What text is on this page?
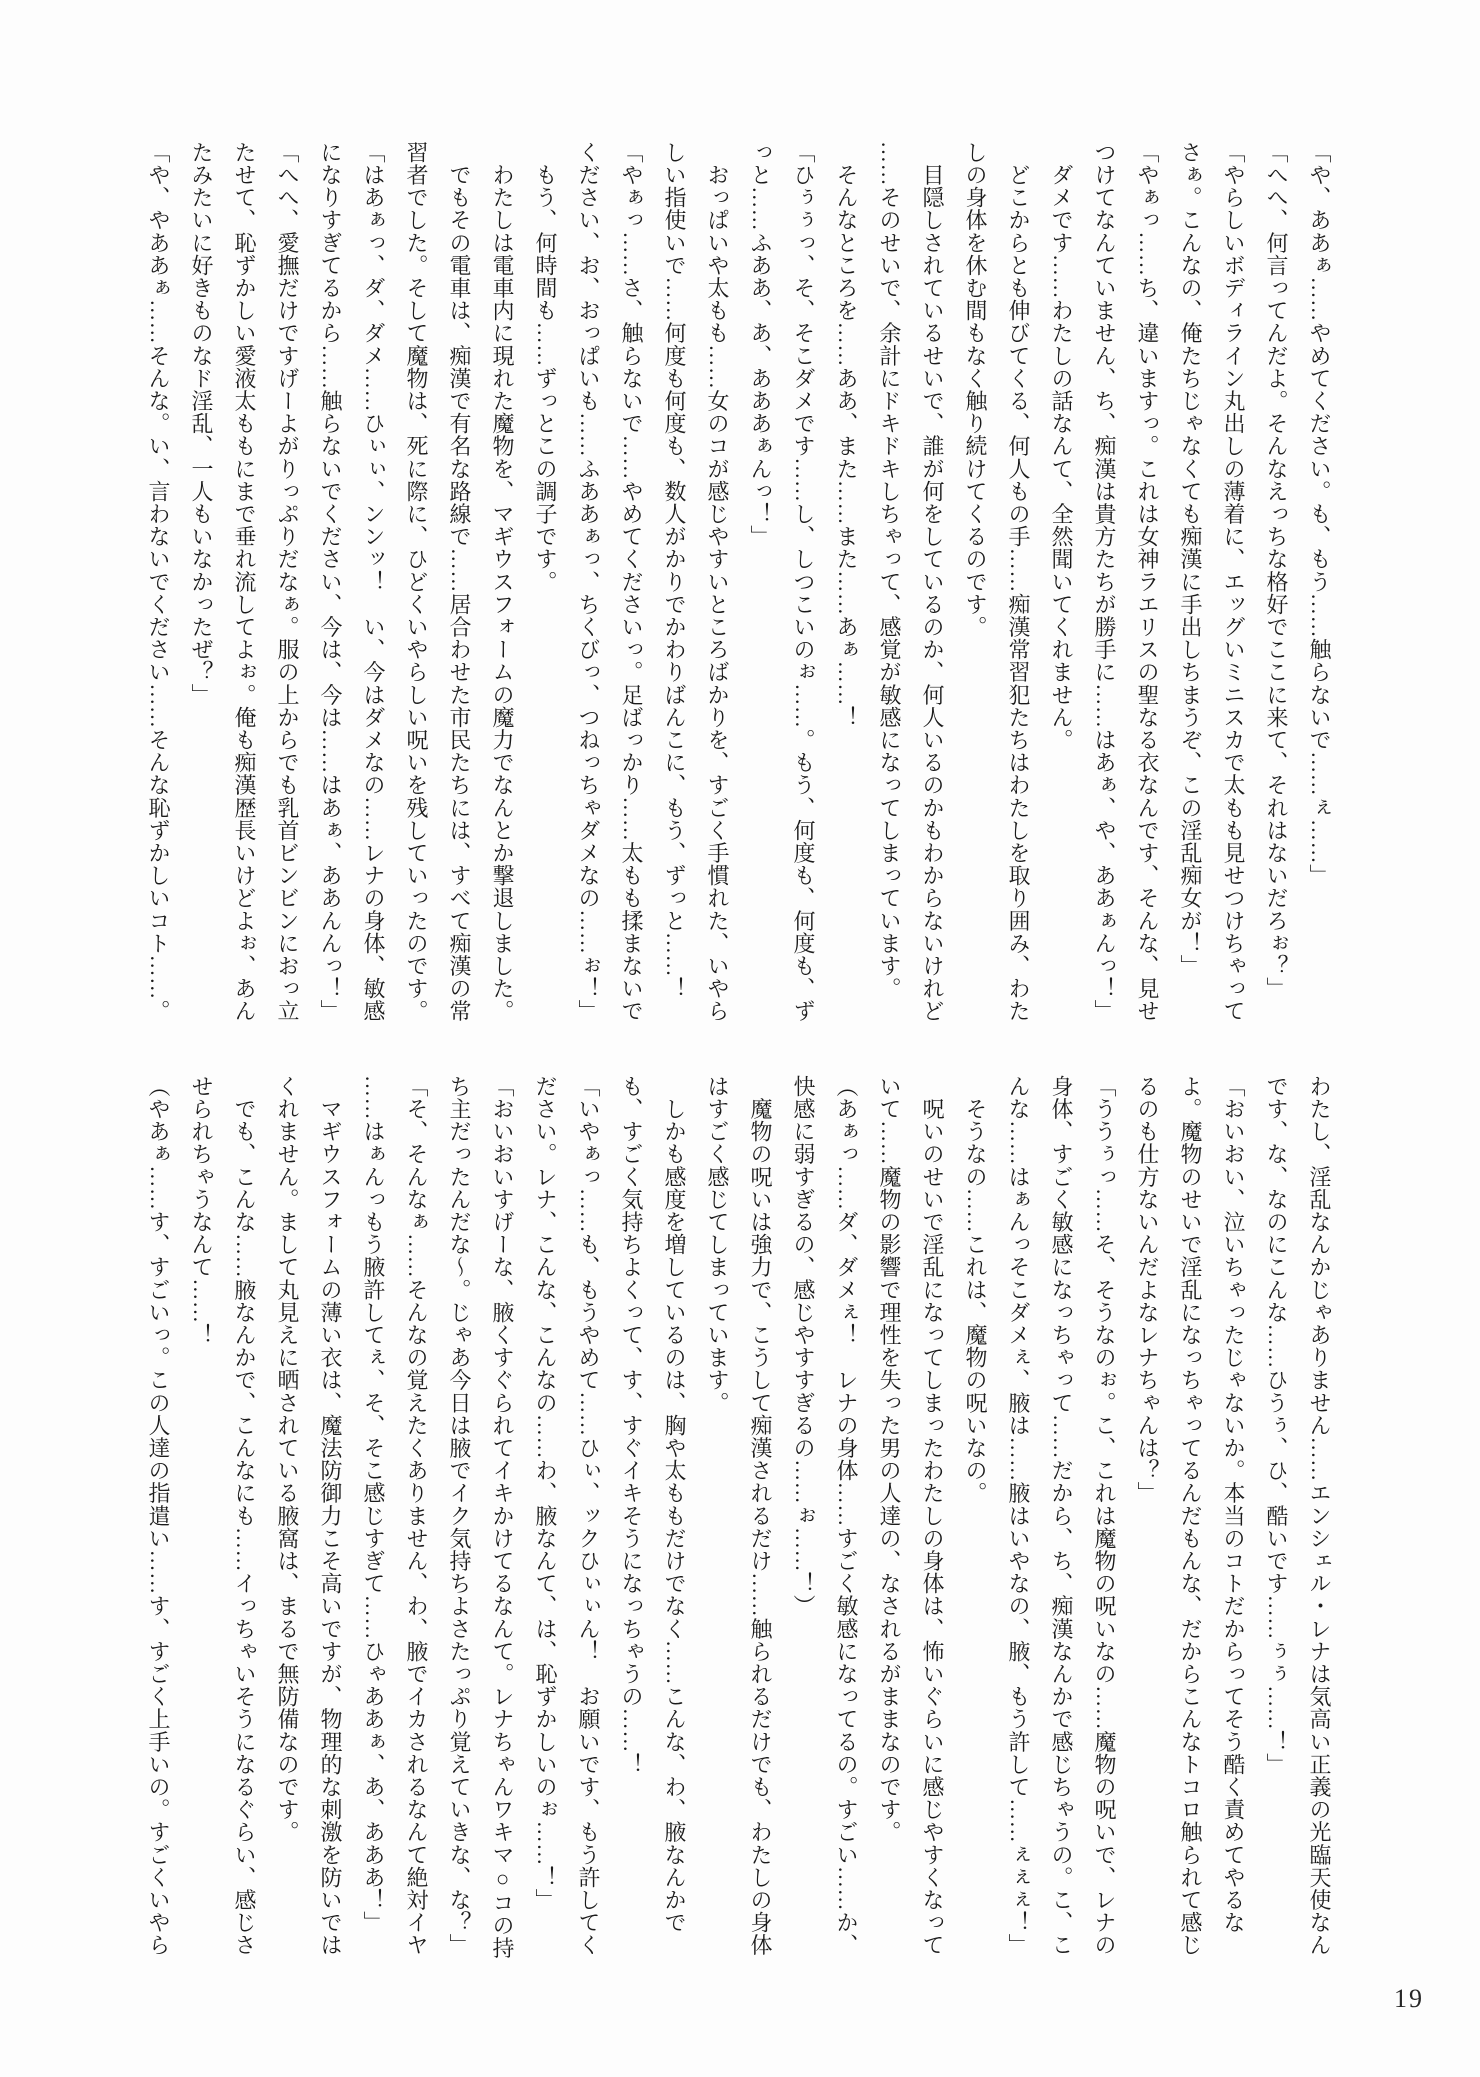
「や、ああぁ……やめてください。も、もう……触らないで……ぇ……」
「へへ、何言ってんだよ。そんなえっちな格好でここに来て、それはないだろぉ？」
「やらしいボディライン丸出しの薄着に、エッグいミニスカで太もも見せつけちゃって
さぁ。こんなの、俺たちじゃなくても痴漢に手出しちまうぞ、この淫乱痴女が！」
「やぁっ……ち、違いますっ。これは女神ラエリスの聖なる衣なんです、そんな、見せ
つけてなんていません、ち、痴漢は貴方たちが勝手に……はあぁ、や、ああぁんっ！」
　ダメです……わたしの話なんて、全然聞いてくれません。
　どこからとも伸びてくる、何人もの手……痴漢常習犯たちはわたしを取り囲み、わた
しの身体を休む間もなく触り続けてくるのです。
　目隠しされているせいで、誰が何をしているのか、何人いるのかもわからないけれど
……そのせいで、余計にドキドキしちゃって、感覚が敏感になってしまっています。
　そんなところを……ああ、また……また……あぁ……！
「ひぅぅっ、そ、そこダメです……し、しつこいのぉ……。もう、何度も、何度も、ず
っと……ふああ、あ、あああぁんっ！」
　おっぱいや太もも……女のコが感じやすいところばかりを、すごく手慣れた、いやら
しい指使いで……何度も何度も、数人がかりでかわりばんこに、もう、ずっと……！
「やぁっ……さ、触らないで……やめてくださいっ。足ばっかり……太もも揉まないで
ください、お、おっぱいも……ふああぁっ、ちくびっ、つねっちゃダメなの……ぉ！」
　もう、何時間も……ずっとこの調子です。
　わたしは電車内に現れた魔物を、マギウスフォームの魔力でなんとか撃退しました。
　でもその電車は、痴漢で有名な路線で……居合わせた市民たちには、すべて痴漢の常
習者でした。そして魔物は、死に際に、ひどくいやらしい呪いを残していったのです。
「はあぁっ、ダ、ダメ……ひぃぃ、ンンッ！　い、今はダメなの……レナの身体、敏感
になりすぎてるから……触らないでください、今は、今は……はあぁ、ああんんっ！」
「へへ、愛撫だけですげーよがりっぷりだなぁ。服の上からでも乳首ビンビンにおっ立
たせて、恥ずかしい愛液太ももにまで垂れ流してよぉ。俺も痴漢歴長いけどよぉ、あん
たみたいに好きものなド淫乱、一人もいなかったぜ？」
「や、やああぁ……そんな。い、言わないでください……そんな恥ずかしいコト……。
わたし、淫乱なんかじゃありません……エンシェル・レナは気高い正義の光臨天使なん
です、な、なのにこんな……ひうぅ、ひ、酷いです……ぅぅ……！」
「おいおい、泣いちゃったじゃないか。本当のコトだからってそう酷く責めてやるな
よ。魔物のせいで淫乱になっちゃってるんだもんな、だからこんなトコロ触られて感じ
るのも仕方ないんだよなレナちゃんは？」
「ううぅっ……そ、そうなのぉ。こ、これは魔物の呪いなの……魔物の呪いで、レナの
身体、すごく敏感になっちゃって……だから、ち、痴漢なんかで感じちゃうの。こ、こ
んな……はぁんっそこダメぇ、腋は……腋はいやなの、腋、もう許して……ぇぇぇ！」
　そうなの……これは、魔物の呪いなの。
　呪いのせいで淫乱になってしまったわたしの身体は、怖いぐらいに感じやすくなって
いて……魔物の影響で理性を失った男の人達の、なされるがままなのです。
（あぁっ……ダ、ダメぇ！　レナの身体……すごく敏感になってるの。すごい……か、
快感に弱すぎるの、感じやすすぎるの……ぉ……！）
　魔物の呪いは強力で、こうして痴漢されるだけ……触られるだけでも、わたしの身体
はすごく感じてしまっています。
　しかも感度を増しているのは、胸や太ももだけでなく……こんな、わ、腋なんかで
も、すごく気持ちよくって、す、すぐイキそうになっちゃうの……！
「いやぁっ……も、もうやめて……ひぃ、ックひぃぃん！　お願いです、もう許してく
ださい。レナ、こんな、こんなの……わ、腋なんて、は、恥ずかしいのぉ……！」
「おいおいすげーな、腋くすぐられてイキかけてるなんて。レナちゃんワキマ○コの持
ち主だったんだな〜。じゃあ今日は腋でイク気持ちよさたっぷり覚えていきな、な？」
「そ、そんなぁ……そんなの覚えたくありません、わ、腋でイカされるなんて絶対イヤ
……はぁんっもう腋許してぇ、そ、そこ感じすぎて……ひゃああぁ、あ、あああ！」
　マギウスフォームの薄い衣は、魔法防御力こそ高いですが、物理的な刺激を防いでは
くれません。まして丸見えに晒されている腋窩は、まるで無防備なのです。
　でも、こんな……腋なんかで、こんなにも……イっちゃいそうになるぐらい、感じさ
せられちゃうなんて……！
（やあぁ……す、すごいっ。この人達の指遣い……す、すごく上手いの。すごくいやら
19
